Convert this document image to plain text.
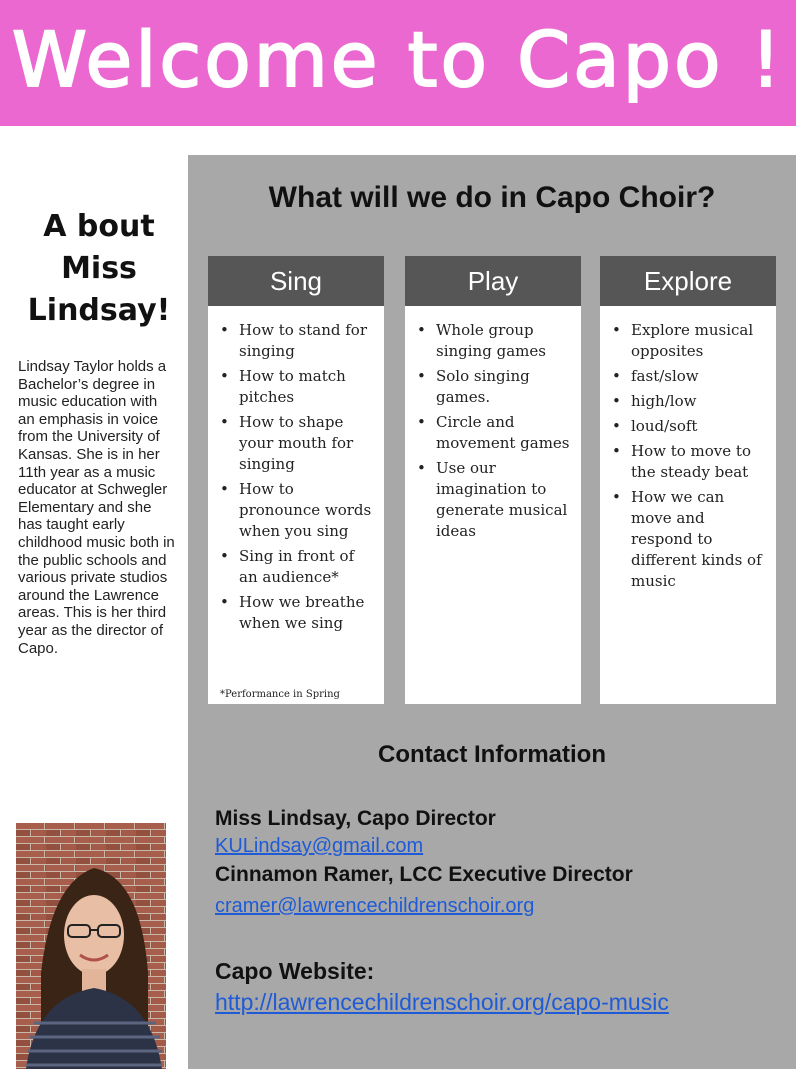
Welcome to Capo !
A bout
Miss
Lindsay!

Lindsay Taylor holds a Bachelor’s degree in music education with an emphasis in voice from the University of Kansas. She is in her 11th year as a music educator at Schwegler Elementary and she has taught early childhood music both in the public schools and various private studios around the Lawrence areas. This is her third year as the director of Capo.

What will we do in Capo Choir?
Sing
• How to stand for singing
• How to match pitches
• How to shape your mouth for singing
• How to pronounce words when you sing
• Sing in front of an audience*
• How we breathe when we sing
*Performance in Spring
Play
• Whole group singing games
• Solo singing games.
• Circle and movement games
• Use our imagination to generate musical ideas
Explore
• Explore musical opposites
• fast/slow
• high/low
• loud/soft
• How to move to the steady beat
• How we can move and respond to different kinds of music
Contact Information
Miss Lindsay, Capo Director
KULindsay@gmail.com
Cinnamon Ramer, LCC Executive Director
cramer@lawrencechildrenschoir.org
Capo Website:
http://lawrencechildrenschoir.org/capo-music
